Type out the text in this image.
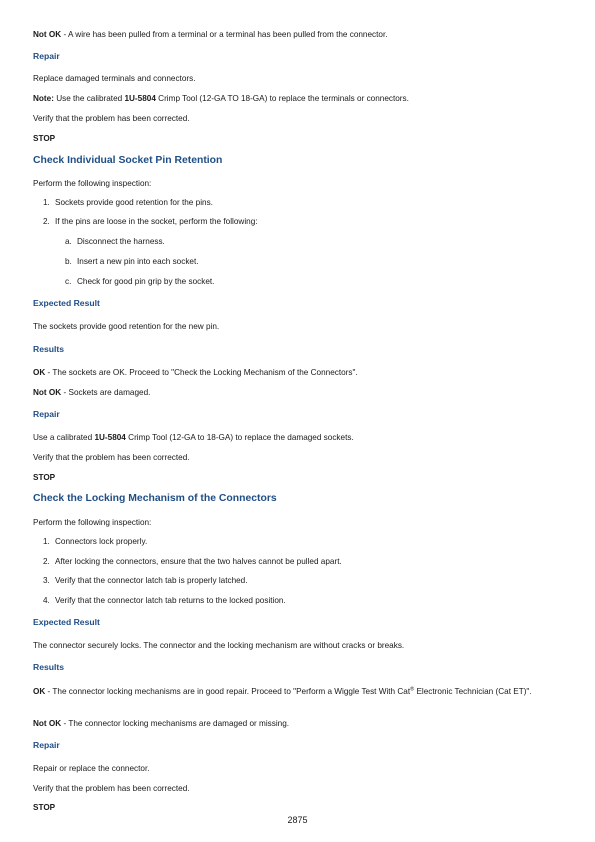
Not OK - A wire has been pulled from a terminal or a terminal has been pulled from the connector.
Repair
Replace damaged terminals and connectors.
Note: Use the calibrated 1U-5804 Crimp Tool (12-GA TO 18-GA) to replace the terminals or connectors.
Verify that the problem has been corrected.
STOP
Check Individual Socket Pin Retention
Perform the following inspection:
1. Sockets provide good retention for the pins.
2. If the pins are loose in the socket, perform the following:
a. Disconnect the harness.
b. Insert a new pin into each socket.
c. Check for good pin grip by the socket.
Expected Result
The sockets provide good retention for the new pin.
Results
OK - The sockets are OK. Proceed to "Check the Locking Mechanism of the Connectors".
Not OK - Sockets are damaged.
Repair
Use a calibrated 1U-5804 Crimp Tool (12-GA to 18-GA) to replace the damaged sockets.
Verify that the problem has been corrected.
STOP
Check the Locking Mechanism of the Connectors
Perform the following inspection:
1. Connectors lock properly.
2. After locking the connectors, ensure that the two halves cannot be pulled apart.
3. Verify that the connector latch tab is properly latched.
4. Verify that the connector latch tab returns to the locked position.
Expected Result
The connector securely locks. The connector and the locking mechanism are without cracks or breaks.
Results
OK - The connector locking mechanisms are in good repair. Proceed to "Perform a Wiggle Test With Cat® Electronic Technician (Cat ET)".
Not OK - The connector locking mechanisms are damaged or missing.
Repair
Repair or replace the connector.
Verify that the problem has been corrected.
STOP
2875
